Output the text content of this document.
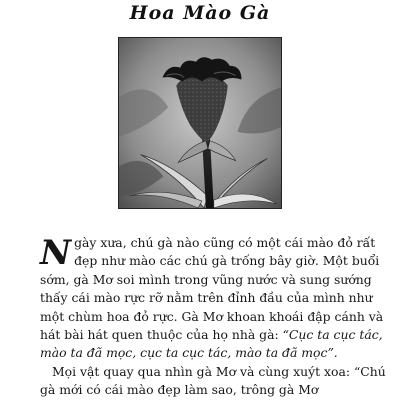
Hoa Mào Gà

Ngày xưa, chú gà nào cũng có một cái mào đỏ rất đẹp như mào các chú gà trống bây giờ. Một buổi sớm, gà Mơ soi mình trong vũng nước và sung sướng thấy cái mào rực rỡ nằm trên đỉnh đầu của mình như một chùm hoa đỏ rực. Gà Mơ khoan khoái đập cánh và hát bài hát quen thuộc của họ nhà gà: “Cục ta cục tác, mào ta đã mọc, cục ta cục tác, mào ta đã mọc”.

Mọi vật quay qua nhìn gà Mơ và cùng xuýt xoa: “Chú gà mới có cái mào đẹp làm sao, trông gà Mơ
